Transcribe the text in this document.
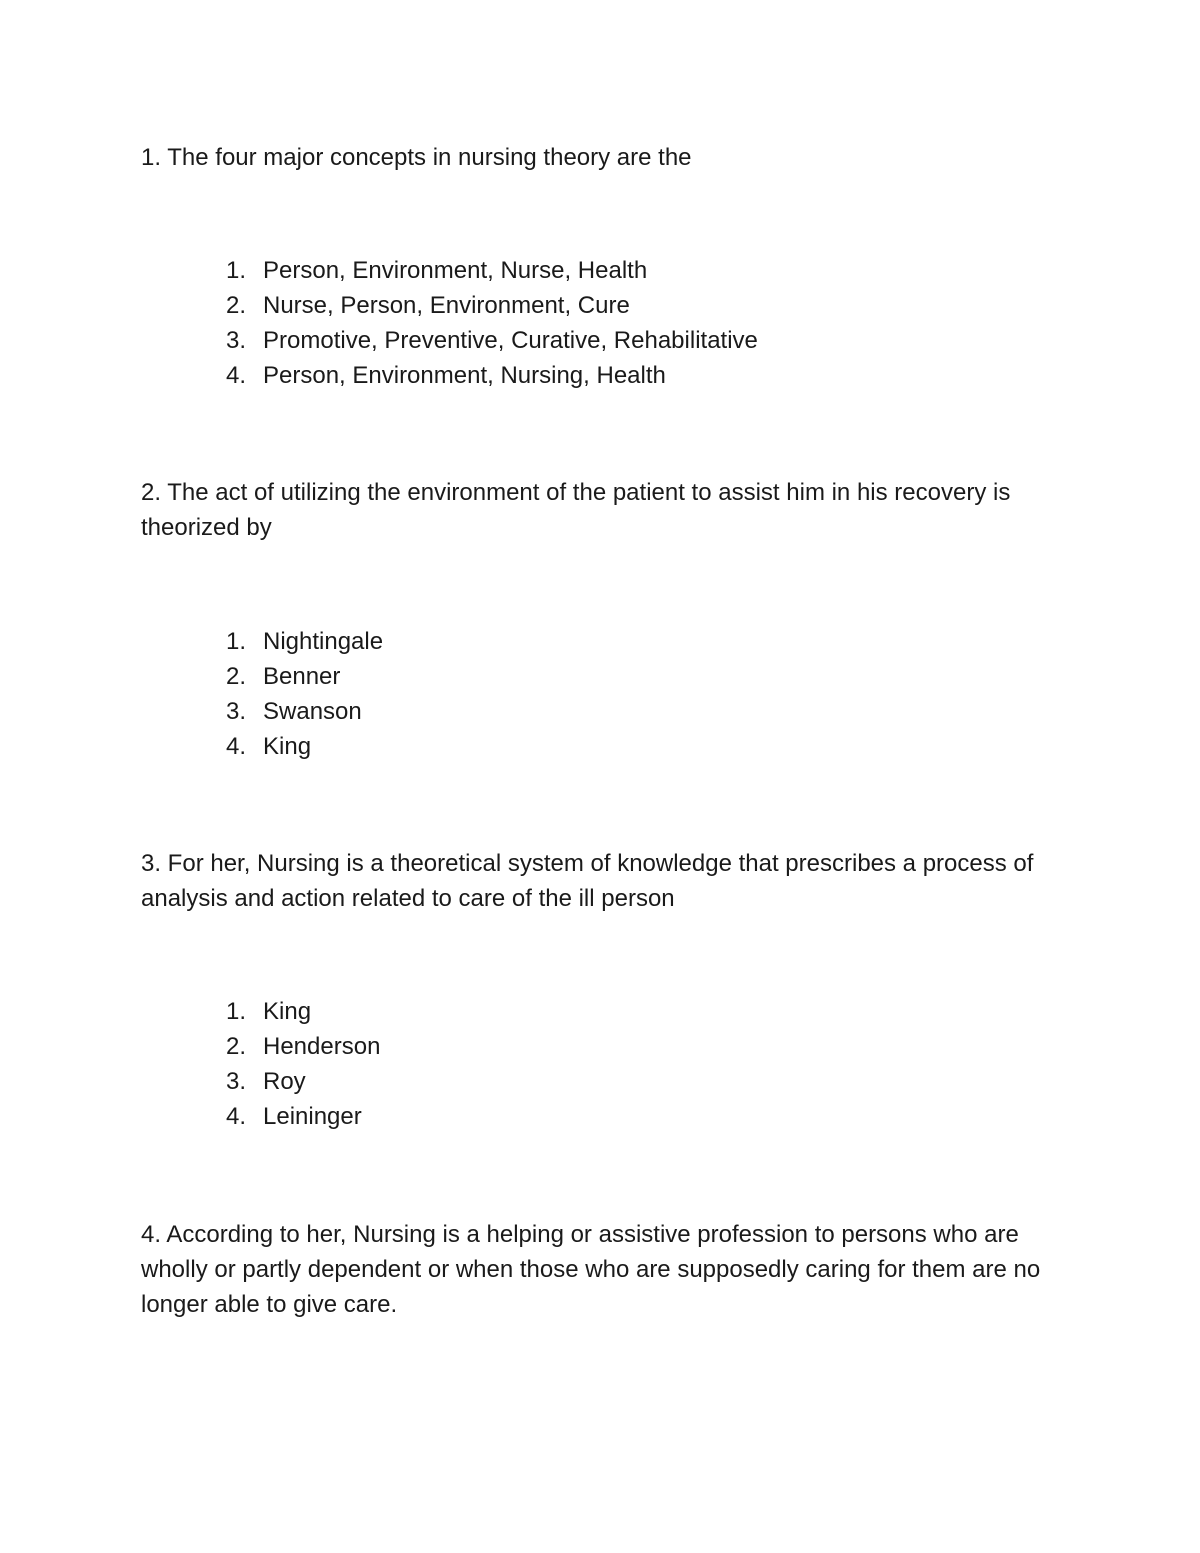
1. The four major concepts in nursing theory are the

1. Person, Environment, Nurse, Health
2. Nurse, Person, Environment, Cure
3. Promotive, Preventive, Curative, Rehabilitative
4. Person, Environment, Nursing, Health

2. The act of utilizing the environment of the patient to assist him in his recovery is theorized by

1. Nightingale
2. Benner
3. Swanson
4. King

3. For her, Nursing is a theoretical system of knowledge that prescribes a process of analysis and action related to care of the ill person

1. King
2. Henderson
3. Roy
4. Leininger

4. According to her, Nursing is a helping or assistive profession to persons who are wholly or partly dependent or when those who are supposedly caring for them are no longer able to give care.
